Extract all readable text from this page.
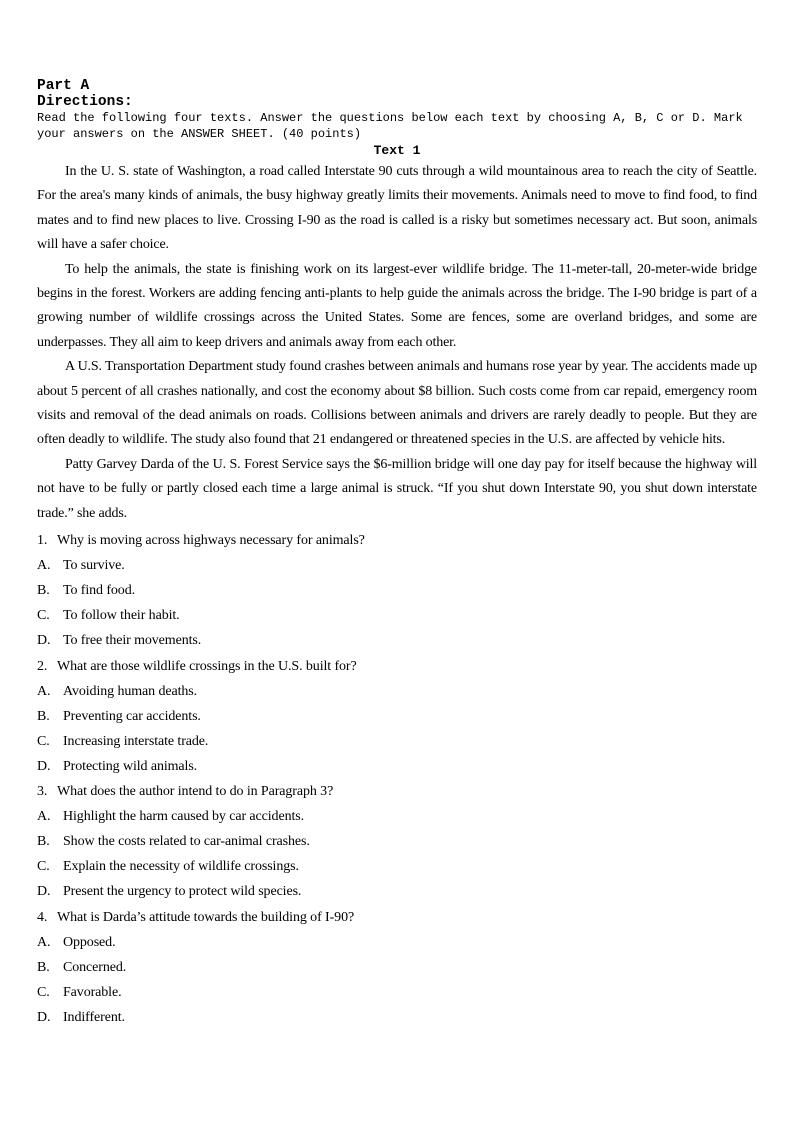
Part A
Directions:
Read the following four texts. Answer the questions below each text by choosing A, B, C or D. Mark your answers on the ANSWER SHEET. (40 points)
Text 1

In the U. S. state of Washington, a road called Interstate 90 cuts through a wild mountainous area to reach the city of Seattle. For the area's many kinds of animals, the busy highway greatly limits their movements. Animals need to move to find food, to find mates and to find new places to live. Crossing I-90 as the road is called is a risky but sometimes necessary act. But soon, animals will have a safer choice.

To help the animals, the state is finishing work on its largest-ever wildlife bridge. The 11-meter-tall, 20-meter-wide bridge begins in the forest. Workers are adding fencing anti-plants to help guide the animals across the bridge. The I-90 bridge is part of a growing number of wildlife crossings across the United States. Some are fences, some are overland bridges, and some are underpasses. They all aim to keep drivers and animals away from each other.

A U.S. Transportation Department study found crashes between animals and humans rose year by year. The accidents made up about 5 percent of all crashes nationally, and cost the economy about $8 billion. Such costs come from car repaid, emergency room visits and removal of the dead animals on roads. Collisions between animals and drivers are rarely deadly to people. But they are often deadly to wildlife. The study also found that 21 endangered or threatened species in the U.S. are affected by vehicle hits.

Patty Garvey Darda of the U. S. Forest Service says the $6-million bridge will one day pay for itself because the highway will not have to be fully or partly closed each time a large animal is struck. “If you shut down Interstate 90, you shut down interstate trade.” she adds.

1. Why is moving across highways necessary for animals?
A. To survive.
B. To find food.
C. To follow their habit.
D. To free their movements.
2. What are those wildlife crossings in the U.S. built for?
A. Avoiding human deaths.
B. Preventing car accidents.
C. Increasing interstate trade.
D. Protecting wild animals.
3. What does the author intend to do in Paragraph 3?
A. Highlight the harm caused by car accidents.
B. Show the costs related to car-animal crashes.
C. Explain the necessity of wildlife crossings.
D. Present the urgency to protect wild species.
4. What is Darda’s attitude towards the building of I-90?
A. Opposed.
B. Concerned.
C. Favorable.
D. Indifferent.
